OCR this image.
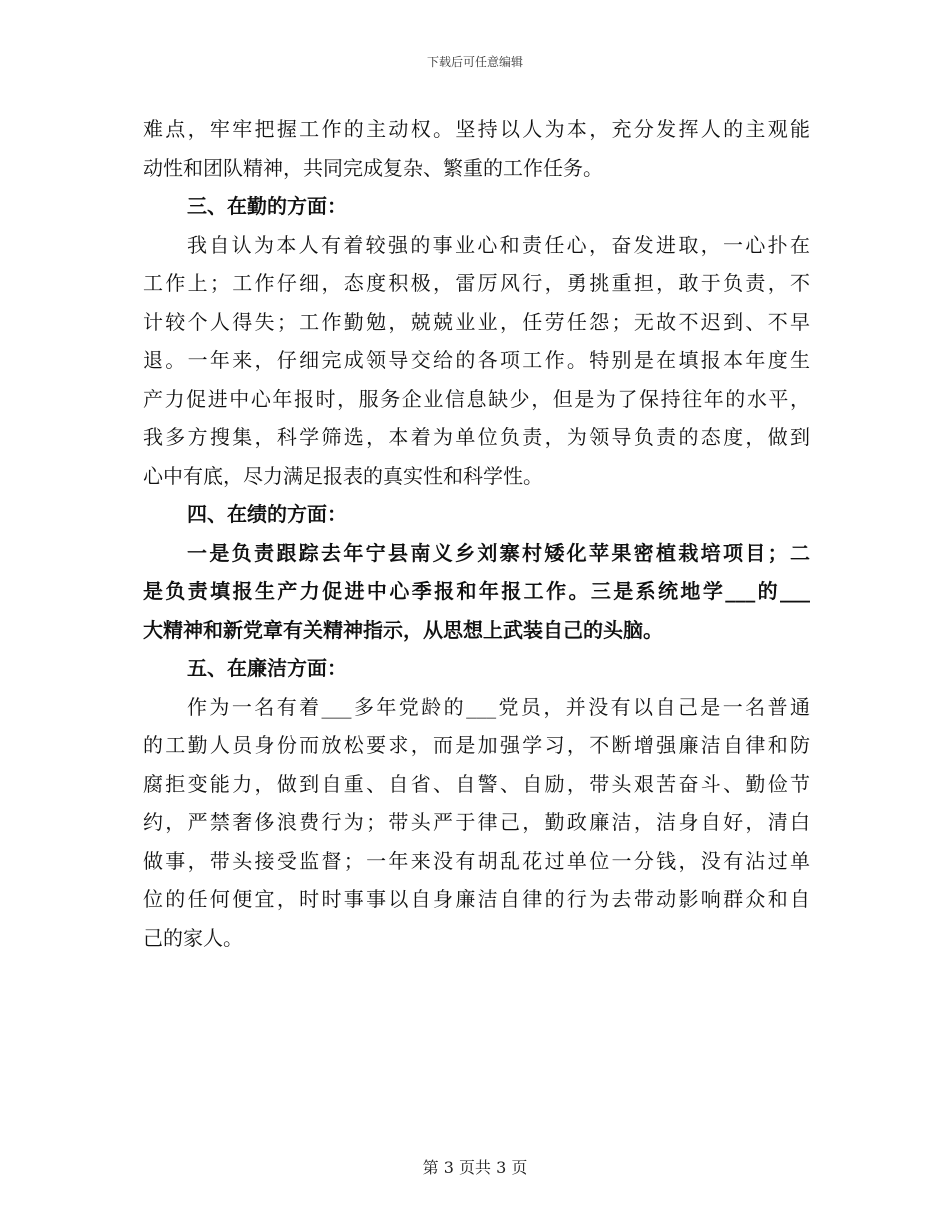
下载后可任意编辑
难点，牢牢把握工作的主动权。坚持以人为本，充分发挥人的主观能
动性和团队精神，共同完成复杂、繁重的工作任务。
三、在勤的方面：
我自认为本人有着较强的事业心和责任心，奋发进取，一心扑在
工作上；工作仔细，态度积极，雷厉风行，勇挑重担，敢于负责，不
计较个人得失；工作勤勉，兢兢业业，任劳任怨；无故不迟到、不早
退。一年来，仔细完成领导交给的各项工作。特别是在填报本年度生
产力促进中心年报时，服务企业信息缺少，但是为了保持往年的水平，
我多方搜集，科学筛选，本着为单位负责，为领导负责的态度，做到
心中有底，尽力满足报表的真实性和科学性。
四、在绩的方面：
一是负责跟踪去年宁县南义乡刘寨村矮化苹果密植栽培项目；二
是负责填报生产力促进中心季报和年报工作。三是系统地学___的___
大精神和新党章有关精神指示，从思想上武装自己的头脑。
五、在廉洁方面：
作为一名有着___多年党龄的___党员，并没有以自己是一名普通
的工勤人员身份而放松要求，而是加强学习，不断增强廉洁自律和防
腐拒变能力，做到自重、自省、自警、自励，带头艰苦奋斗、勤俭节
约，严禁奢侈浪费行为；带头严于律己，勤政廉洁，洁身自好，清白
做事，带头接受监督；一年来没有胡乱花过单位一分钱，没有沾过单
位的任何便宜，时时事事以自身廉洁自律的行为去带动影响群众和自
己的家人。
第 3 页共 3 页
